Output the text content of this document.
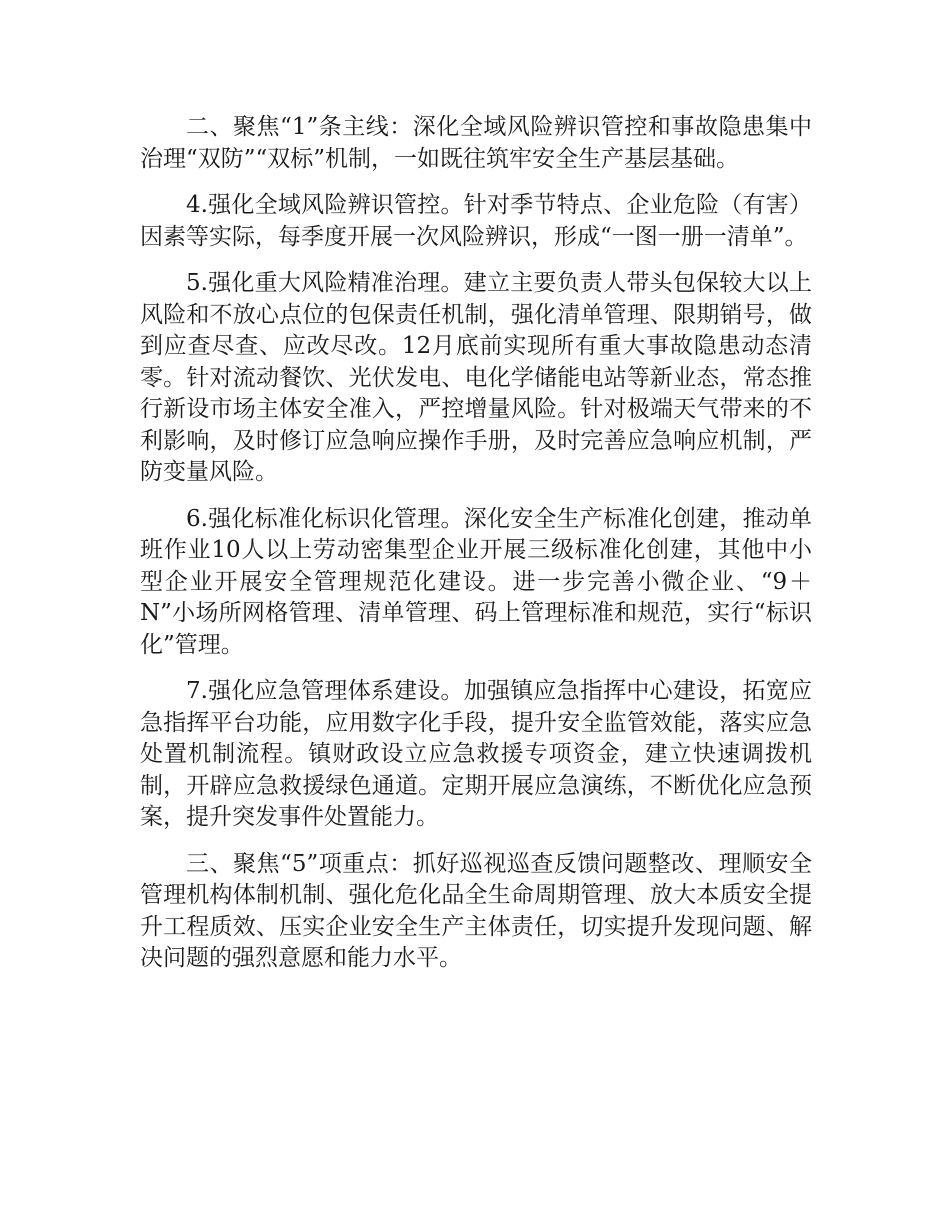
二、聚焦“1”条主线：深化全域风险辨识管控和事故隐患集中治理“双防”“双标”机制，一如既往筑牢安全生产基层基础。

4.强化全域风险辨识管控。针对季节特点、企业危险（有害）因素等实际，每季度开展一次风险辨识，形成“一图一册一清单”。

5.强化重大风险精准治理。建立主要负责人带头包保较大以上风险和不放心点位的包保责任机制，强化清单管理、限期销号，做到应查尽查、应改尽改。12月底前实现所有重大事故隐患动态清零。针对流动餐饮、光伏发电、电化学储能电站等新业态，常态推行新设市场主体安全准入，严控增量风险。针对极端天气带来的不利影响，及时修订应急响应操作手册，及时完善应急响应机制，严防变量风险。

6.强化标准化标识化管理。深化安全生产标准化创建，推动单班作业10人以上劳动密集型企业开展三级标准化创建，其他中小型企业开展安全管理规范化建设。进一步完善小微企业、“9＋N”小场所网格管理、清单管理、码上管理标准和规范，实行“标识化”管理。

7.强化应急管理体系建设。加强镇应急指挥中心建设，拓宽应急指挥平台功能，应用数字化手段，提升安全监管效能，落实应急处置机制流程。镇财政设立应急救援专项资金，建立快速调拨机制，开辟应急救援绿色通道。定期开展应急演练，不断优化应急预案，提升突发事件处置能力。

三、聚焦“5”项重点：抓好巡视巡查反馈问题整改、理顺安全管理机构体制机制、强化危化品全生命周期管理、放大本质安全提升工程质效、压实企业安全生产主体责任，切实提升发现问题、解决问题的强烈意愿和能力水平。
